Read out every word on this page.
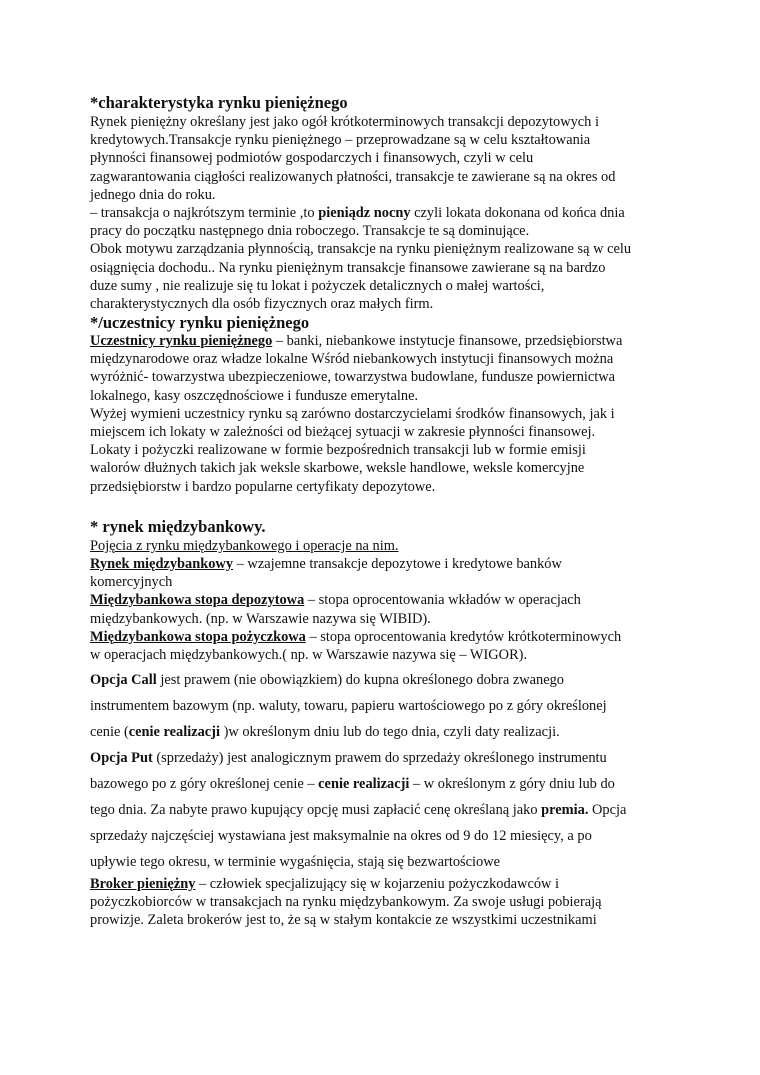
*charakterystyka rynku pieniężnego
Rynek pieniężny określany jest jako ogół krótkoterminowych transakcji depozytowych i
kredytowych.Transakcje rynku pieniężnego – przeprowadzane są w celu kształtowania
płynności finansowej podmiotów gospodarczych i finansowych, czyli w celu
zagwarantowania ciągłości realizowanych płatności, transakcje te zawierane są na okres od
jednego dnia do roku.
– transakcja o najkrótszym terminie ,to pieniądz nocny czyli lokata dokonana od końca dnia
pracy do początku następnego dnia roboczego. Transakcje te są dominujące.
Obok motywu zarządzania płynnością, transakcje na rynku pieniężnym realizowane są w celu
osiągnięcia dochodu.. Na rynku pieniężnym transakcje finansowe zawierane są na bardzo
duze sumy , nie realizuje się tu lokat i pożyczek detalicznych o małej wartości,
charakterystycznych dla osób fizycznych oraz małych firm.
*/uczestnicy rynku pieniężnego
Uczestnicy rynku pieniężnego – banki, niebankowe instytucje finansowe, przedsiębiorstwa
międzynarodowe oraz władze lokalne Wśród niebankowych instytucji finansowych można
wyróżnić- towarzystwa ubezpieczeniowe, towarzystwa budowlane, fundusze powiernictwa
lokalnego, kasy oszczędnościowe i fundusze emerytalne.
Wyżej wymieni uczestnicy rynku są zarówno dostarczycielami środków finansowych, jak i
miejscem ich lokaty w zależności od bieżącej sytuacji w zakresie płynności finansowej.
Lokaty i pożyczki realizowane w formie bezpośrednich transakcji lub w formie emisji
walorów dłużnych takich jak weksle skarbowe, weksle handlowe, weksle komercyjne
przedsiębiorstw i bardzo popularne certyfikaty depozytowe.
* rynek międzybankowy.
Pojęcia z rynku międzybankowego i operacje na nim.
Rynek międzybankowy – wzajemne transakcje depozytowe i kredytowe banków
komercyjnych
Międzybankowa stopa depozytowa – stopa oprocentowania wkładów w operacjach
międzybankowych. (np. w Warszawie nazywa się WIBID).
Międzybankowa stopa pożyczkowa – stopa oprocentowania kredytów krótkoterminowych
w operacjach międzybankowych.( np. w Warszawie nazywa się – WIGOR).
Opcja Call jest prawem (nie obowiązkiem) do kupna określonego dobra zwanego
instrumentem bazowym (np. waluty, towaru, papieru wartościowego po z góry określonej
cenie (cenie realizacji )w określonym dniu lub do tego dnia, czyli daty realizacji.
Opcja Put (sprzedaży) jest analogicznym prawem do sprzedaży określonego instrumentu
bazowego po z góry określonej cenie – cenie realizacji – w określonym z góry dniu lub do
tego dnia. Za nabyte prawo kupujący opcję musi zapłacić cenę określaną jako premia. Opcja
sprzedaży najczęściej wystawiana jest maksymalnie na okres od 9 do 12 miesięcy, a po
upływie tego okresu, w terminie wygaśnięcia, stają się bezwartościowe
Broker pieniężny – człowiek specjalizujący się w kojarzeniu pożyczkodawców i
pożyczkobiorców w transakcjach na rynku międzybankowym. Za swoje usługi pobierają
prowizje. Zaleta brokerów jest to, że są w stałym kontakcie ze wszystkimi uczestnikami
